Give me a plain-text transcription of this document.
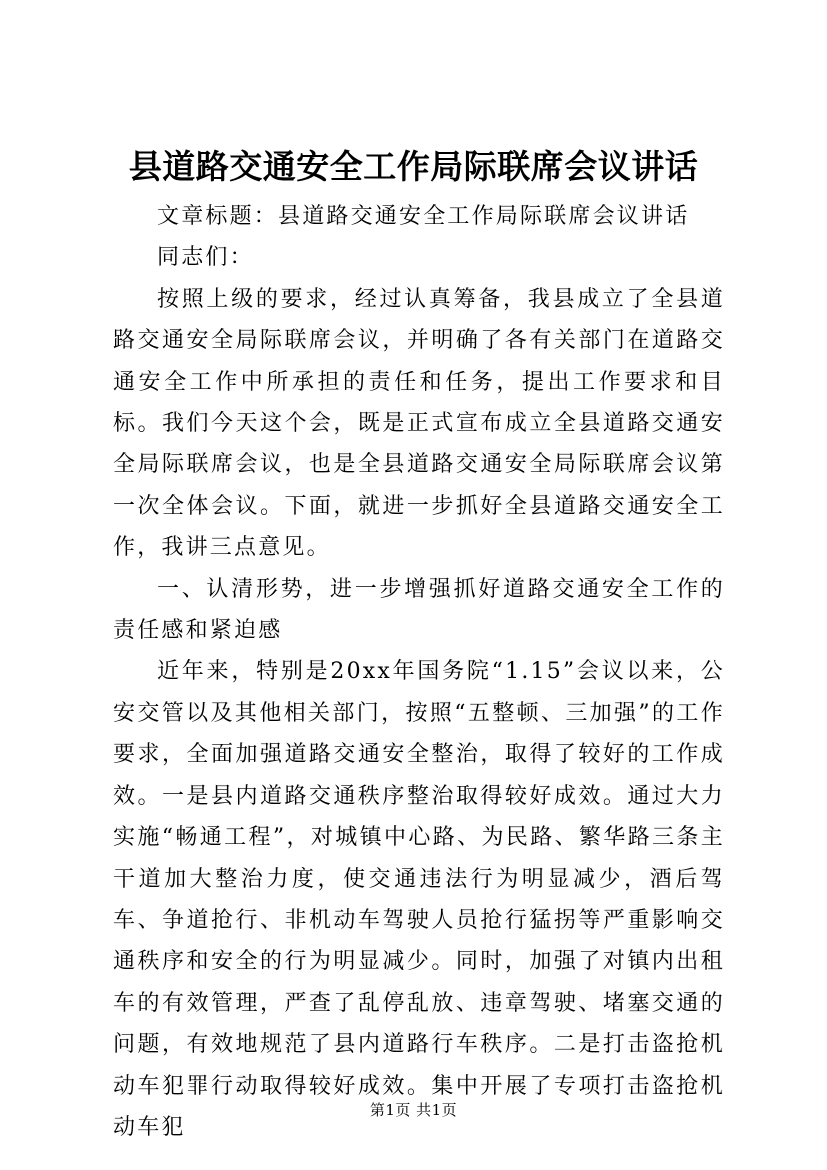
县道路交通安全工作局际联席会议讲话

文章标题：县道路交通安全工作局际联席会议讲话

同志们：

按照上级的要求，经过认真筹备，我县成立了全县道路交通安全局际联席会议，并明确了各有关部门在道路交通安全工作中所承担的责任和任务，提出工作要求和目标。我们今天这个会，既是正式宣布成立全县道路交通安全局际联席会议，也是全县道路交通安全局际联席会议第一次全体会议。下面，就进一步抓好全县道路交通安全工作，我讲三点意见。

一、认清形势，进一步增强抓好道路交通安全工作的责任感和紧迫感

近年来，特别是20xx年国务院“1.15”会议以来，公安交管以及其他相关部门，按照“五整顿、三加强”的工作要求，全面加强道路交通安全整治，取得了较好的工作成效。一是县内道路交通秩序整治取得较好成效。通过大力实施“畅通工程”，对城镇中心路、为民路、繁华路三条主干道加大整治力度，使交通违法行为明显减少，酒后驾车、争道抢行、非机动车驾驶人员抢行猛拐等严重影响交通秩序和安全的行为明显减少。同时，加强了对镇内出租车的有效管理，严查了乱停乱放、违章驾驶、堵塞交通的问题，有效地规范了县内道路行车秩序。二是打击盗抢机动车犯罪行动取得较好成效。集中开展了专项打击盗抢机动车犯

第1页 共1页
